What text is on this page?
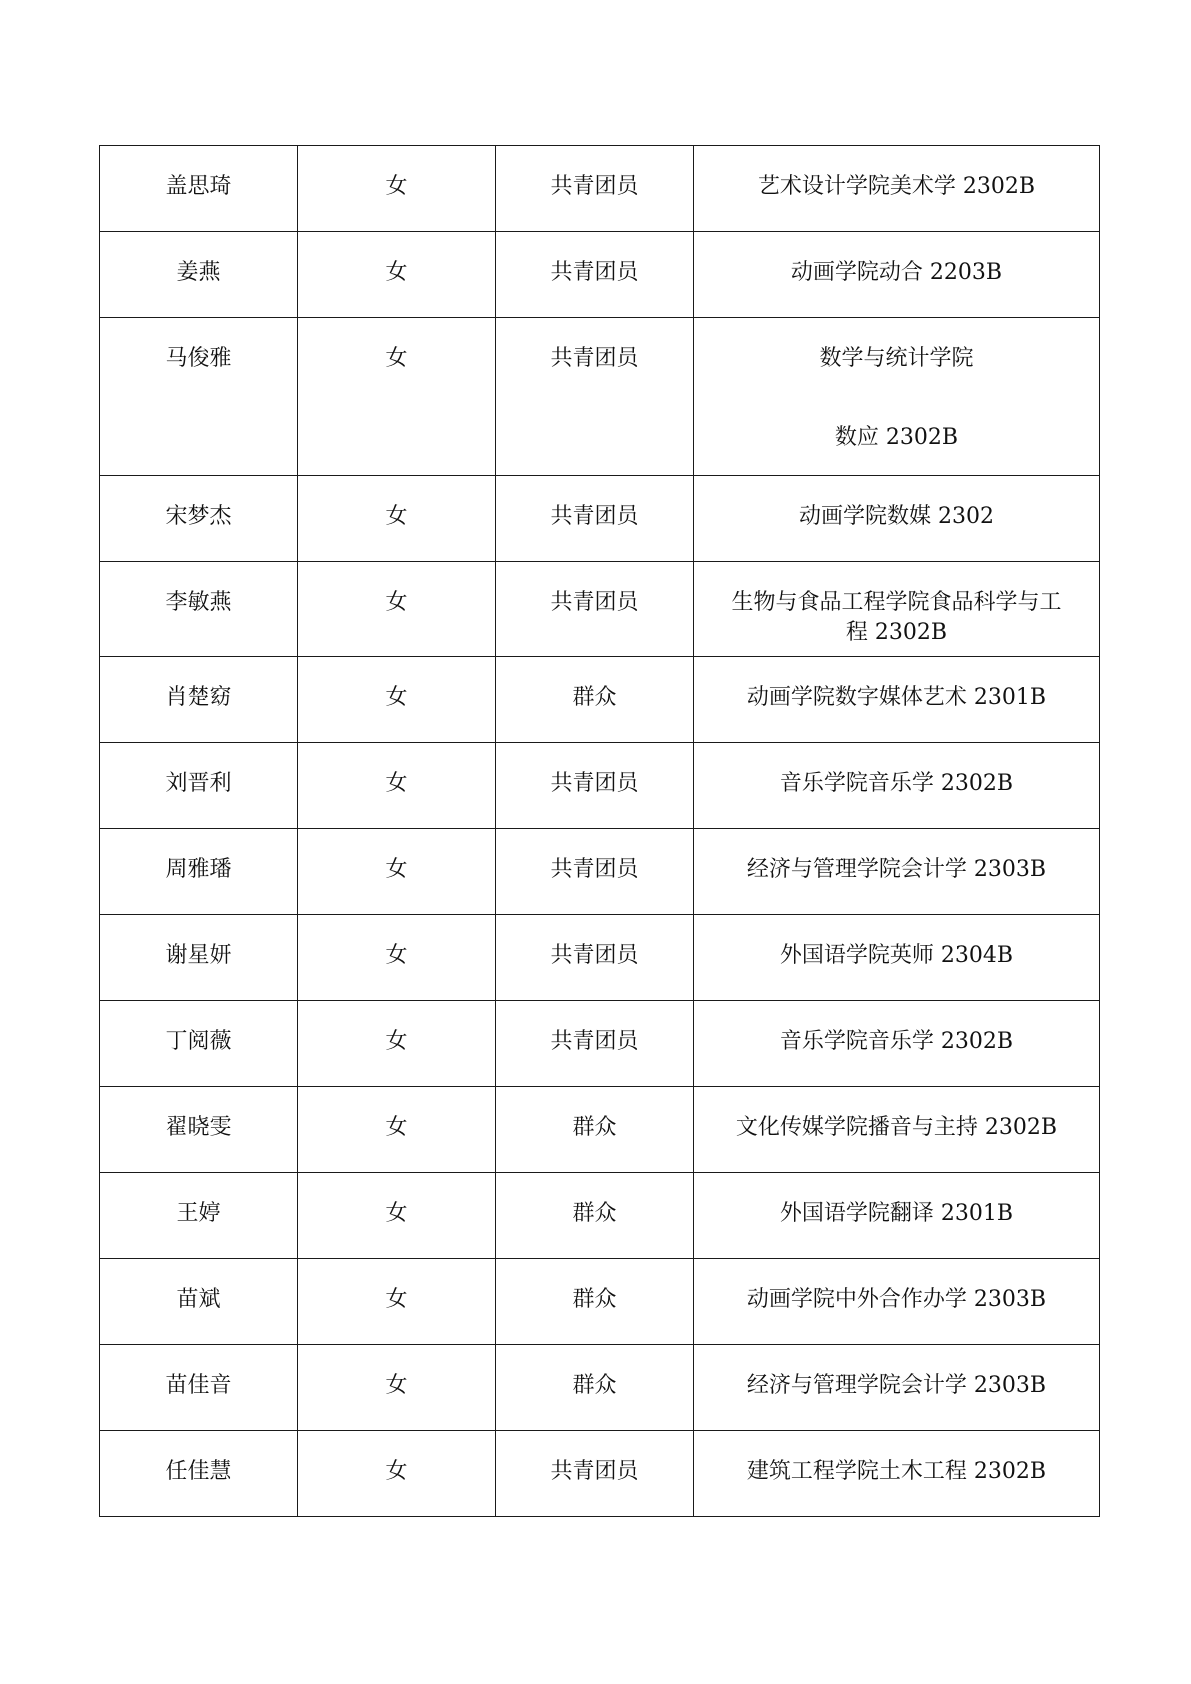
盖思琦	女	共青团员	艺术设计学院美术学 2302B
姜燕	女	共青团员	动画学院动合 2203B
马俊雅	女	共青团员	数学与统计学院
数应 2302B

宋梦杰	女	共青团员	动画学院数媒 2302
李敏燕	女	共青团员	生物与食品工程学院食品科学与工
程 2302B

肖楚窈	女	群众	动画学院数字媒体艺术 2301B
刘晋利	女	共青团员	音乐学院音乐学 2302B
周雅璠	女	共青团员	经济与管理学院会计学 2303B
谢星妍	女	共青团员	外国语学院英师 2304B
丁阅薇	女	共青团员	音乐学院音乐学 2302B
翟晓雯	女	群众	文化传媒学院播音与主持 2302B
王婷	女	群众	外国语学院翻译 2301B
苗斌	女	群众	动画学院中外合作办学 2303B
苗佳音	女	群众	经济与管理学院会计学 2303B
任佳慧	女	共青团员	建筑工程学院土木工程 2302B
